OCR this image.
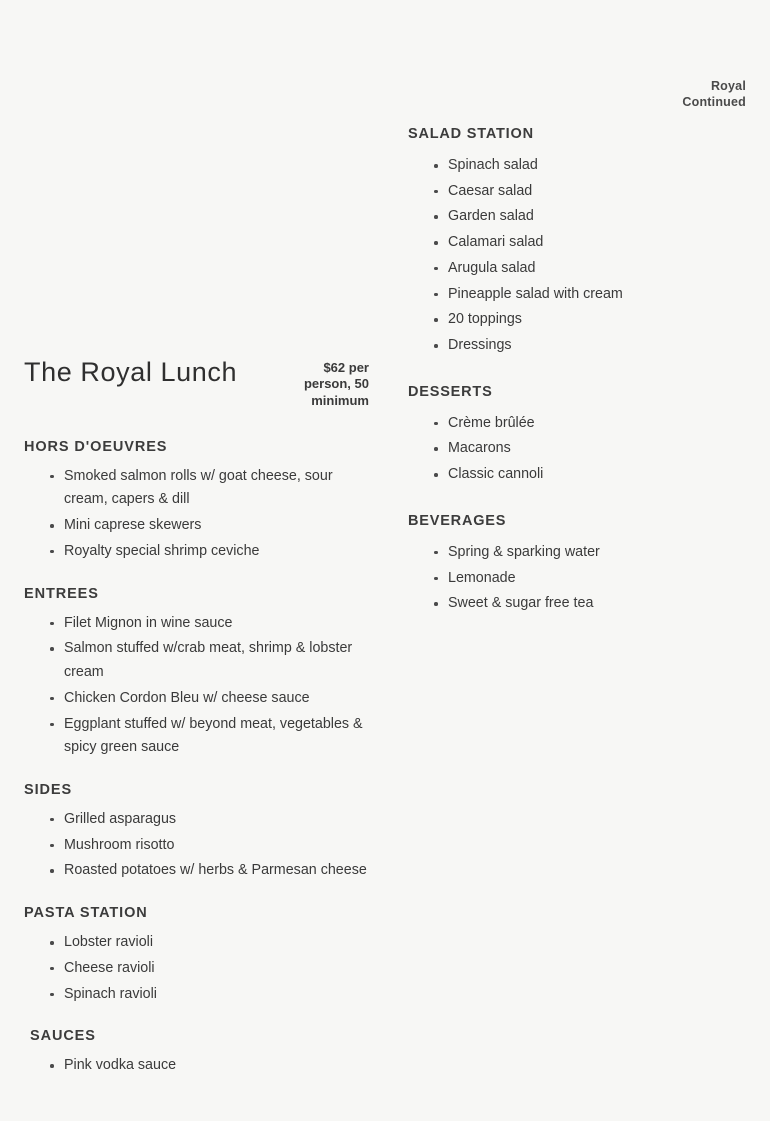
Royal
Continued
The Royal Lunch	$62 per person, 50 minimum
HORS D'OEUVRES
Smoked salmon rolls w/ goat cheese, sour cream, capers & dill
Mini caprese skewers
Royalty special shrimp ceviche
ENTREES
Filet Mignon in wine sauce
Salmon stuffed w/crab meat, shrimp & lobster cream
Chicken Cordon Bleu w/ cheese sauce
Eggplant stuffed w/ beyond meat, vegetables & spicy green sauce
SIDES
Grilled asparagus
Mushroom risotto
Roasted potatoes w/ herbs & Parmesan cheese
PASTA STATION
Lobster ravioli
Cheese ravioli
Spinach ravioli
SAUCES
Pink vodka sauce
SALAD STATION
Spinach salad
Caesar salad
Garden salad
Calamari salad
Arugula salad
Pineapple salad with cream
20 toppings
Dressings
DESSERTS
Crème brûlée
Macarons
Classic cannoli
BEVERAGES
Spring & sparking water
Lemonade
Sweet & sugar free tea
